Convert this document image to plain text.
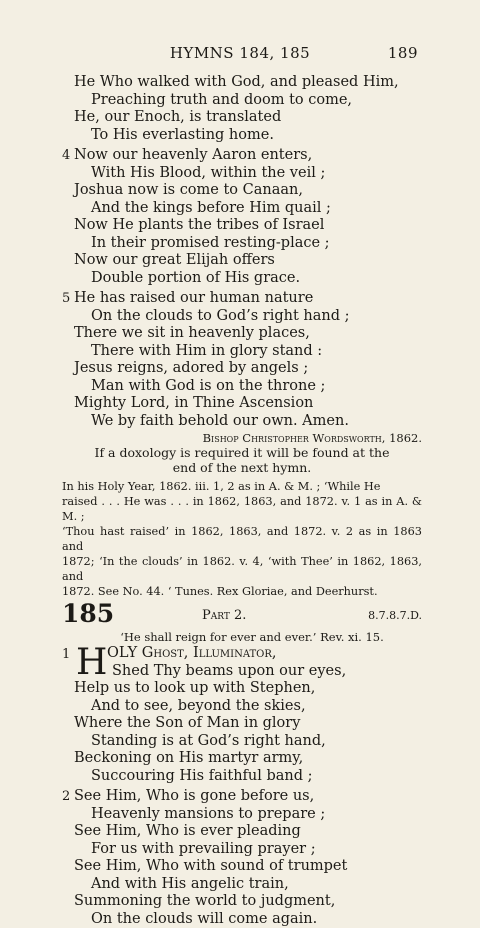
HYMNS 184, 185	189
He Who walked with God, and pleased Him,
Preaching truth and doom to come,
He, our Enoch, is translated
To His everlasting home.
4 Now our heavenly Aaron enters,
With His Blood, within the veil ;
Joshua now is come to Canaan,
And the kings before Him quail ;
Now He plants the tribes of Israel
In their promised resting-place ;
Now our great Elijah offers
Double portion of His grace.
5 He has raised our human nature
On the clouds to God’s right hand ;
There we sit in heavenly places,
There with Him in glory stand :
Jesus reigns, adored by angels ;
Man with God is on the throne ;
Mighty Lord, in Thine Ascension
We by faith behold our own. Amen.
Bishop Christopher Wordsworth, 1862.
If a doxology is required it will be found at the
end of the next hymn.
In his Holy Year, 1862. iii. 1, 2 as in A. & M. ; ‘While He
raised . . . He was . . . in 1862, 1863, and 1872. v. 1 as in A. & M. ;
‘Thou hast raised’ in 1862, 1863, and 1872. v. 2 as in 1863 and
1872; ‘In the clouds’ in 1862. v. 4, ‘with Thee’ in 1862, 1863, and
1872. See No. 44. ‘ Tunes. Rex Gloriae, and Deerhurst.
185	Part 2.	8.7.8.7.D.
‘He shall reign for ever and ever.’ Rev. xi. 15.
1 H OLY Ghost, Illuminator,
Shed Thy beams upon our eyes,
Help us to look up with Stephen,
And to see, beyond the skies,
Where the Son of Man in glory
Standing is at God’s right hand,
Beckoning on His martyr army,
Succouring His faithful band ;
2 See Him, Who is gone before us,
Heavenly mansions to prepare ;
See Him, Who is ever pleading
For us with prevailing prayer ;
See Him, Who with sound of trumpet
And with His angelic train,
Summoning the world to judgment,
On the clouds will come again.
